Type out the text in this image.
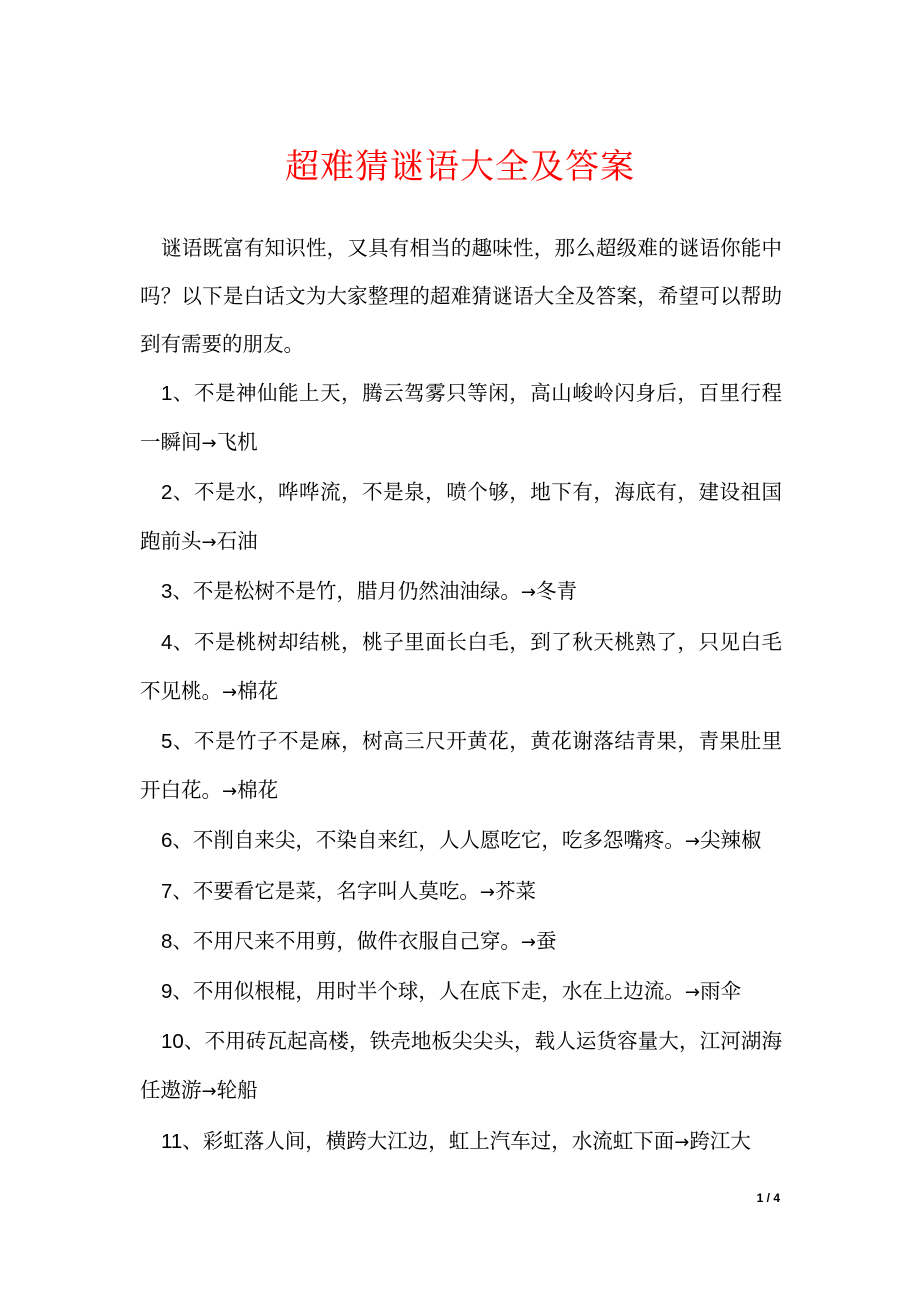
超难猜谜语大全及答案

谜语既富有知识性，又具有相当的趣味性，那么超级难的谜语你能中吗？以下是白话文为大家整理的超难猜谜语大全及答案，希望可以帮助到有需要的朋友。

1、不是神仙能上天，腾云驾雾只等闲，高山峻岭闪身后，百里行程一瞬间→飞机

2、不是水，哗哗流，不是泉，喷个够，地下有，海底有，建设祖国跑前头→石油

3、不是松树不是竹，腊月仍然油油绿。→冬青

4、不是桃树却结桃，桃子里面长白毛，到了秋天桃熟了，只见白毛不见桃。→棉花

5、不是竹子不是麻，树高三尺开黄花，黄花谢落结青果，青果肚里开白花。→棉花

6、不削自来尖，不染自来红，人人愿吃它，吃多怨嘴疼。→尖辣椒

7、不要看它是菜，名字叫人莫吃。→芥菜

8、不用尺来不用剪，做件衣服自己穿。→蚕

9、不用似根棍，用时半个球，人在底下走，水在上边流。→雨伞

10、不用砖瓦起高楼，铁壳地板尖尖头，载人运货容量大，江河湖海任遨游→轮船

11、彩虹落人间，横跨大江边，虹上汽车过，水流虹下面→跨江大

1 / 4
